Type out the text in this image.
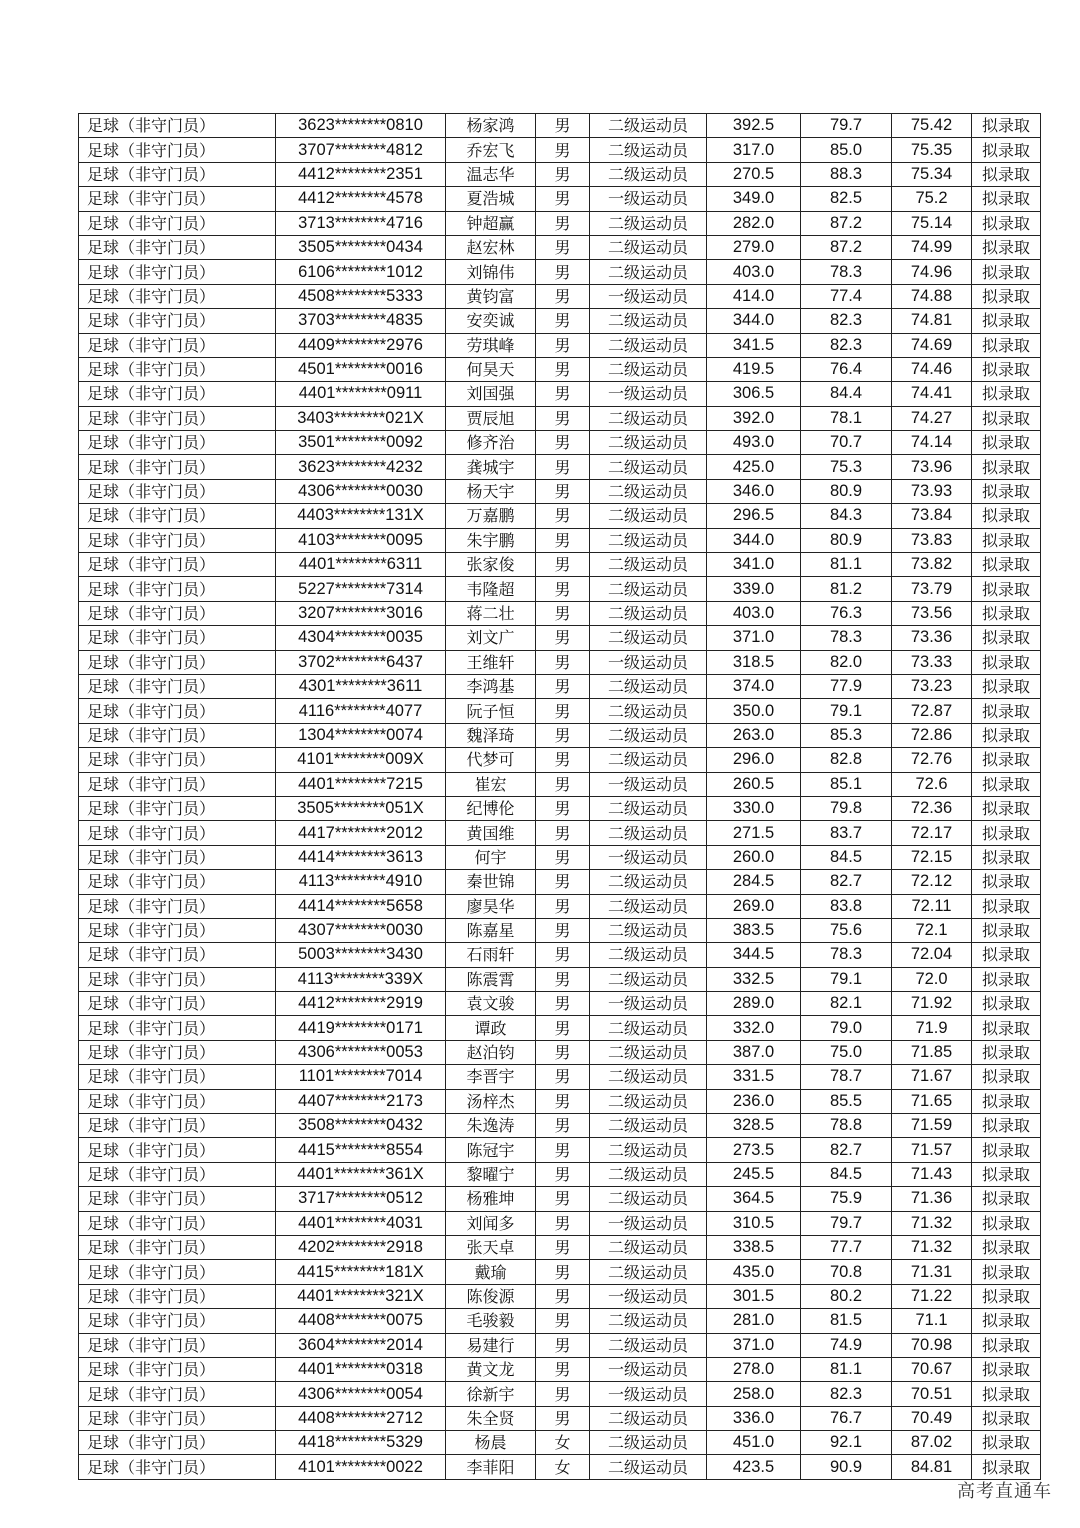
足球（非守门员）	3623********0810	杨家鸿	男	二级运动员	392.5	79.7	75.42	拟录取
足球（非守门员）	3707********4812	乔宏飞	男	二级运动员	317.0	85.0	75.35	拟录取
足球（非守门员）	4412********2351	温志华	男	二级运动员	270.5	88.3	75.34	拟录取
足球（非守门员）	4412********4578	夏浩城	男	一级运动员	349.0	82.5	75.2	拟录取
足球（非守门员）	3713********4716	钟超赢	男	二级运动员	282.0	87.2	75.14	拟录取
足球（非守门员）	3505********0434	赵宏林	男	二级运动员	279.0	87.2	74.99	拟录取
足球（非守门员）	6106********1012	刘锦伟	男	二级运动员	403.0	78.3	74.96	拟录取
足球（非守门员）	4508********5333	黄钧富	男	一级运动员	414.0	77.4	74.88	拟录取
足球（非守门员）	3703********4835	安奕诚	男	二级运动员	344.0	82.3	74.81	拟录取
足球（非守门员）	4409********2976	劳琪峰	男	二级运动员	341.5	82.3	74.69	拟录取
足球（非守门员）	4501********0016	何昊天	男	二级运动员	419.5	76.4	74.46	拟录取
足球（非守门员）	4401********0911	刘国强	男	一级运动员	306.5	84.4	74.41	拟录取
足球（非守门员）	3403********021X	贾辰旭	男	二级运动员	392.0	78.1	74.27	拟录取
足球（非守门员）	3501********0092	修齐治	男	二级运动员	493.0	70.7	74.14	拟录取
足球（非守门员）	3623********4232	龚城宇	男	二级运动员	425.0	75.3	73.96	拟录取
足球（非守门员）	4306********0030	杨天宇	男	二级运动员	346.0	80.9	73.93	拟录取
足球（非守门员）	4403********131X	万嘉鹏	男	二级运动员	296.5	84.3	73.84	拟录取
足球（非守门员）	4103********0095	朱宇鹏	男	二级运动员	344.0	80.9	73.83	拟录取
足球（非守门员）	4401********6311	张家俊	男	二级运动员	341.0	81.1	73.82	拟录取
足球（非守门员）	5227********7314	韦隆超	男	二级运动员	339.0	81.2	73.79	拟录取
足球（非守门员）	3207********3016	蒋二壮	男	二级运动员	403.0	76.3	73.56	拟录取
足球（非守门员）	4304********0035	刘文广	男	二级运动员	371.0	78.3	73.36	拟录取
足球（非守门员）	3702********6437	王维轩	男	一级运动员	318.5	82.0	73.33	拟录取
足球（非守门员）	4301********3611	李鸿基	男	二级运动员	374.0	77.9	73.23	拟录取
足球（非守门员）	4116********4077	阮子恒	男	二级运动员	350.0	79.1	72.87	拟录取
足球（非守门员）	1304********0074	魏泽琦	男	二级运动员	263.0	85.3	72.86	拟录取
足球（非守门员）	4101********009X	代梦可	男	二级运动员	296.0	82.8	72.76	拟录取
足球（非守门员）	4401********7215	崔宏	男	一级运动员	260.5	85.1	72.6	拟录取
足球（非守门员）	3505********051X	纪博伦	男	二级运动员	330.0	79.8	72.36	拟录取
足球（非守门员）	4417********2012	黄国维	男	二级运动员	271.5	83.7	72.17	拟录取
足球（非守门员）	4414********3613	何宇	男	一级运动员	260.0	84.5	72.15	拟录取
足球（非守门员）	4113********4910	秦世锦	男	二级运动员	284.5	82.7	72.12	拟录取
足球（非守门员）	4414********5658	廖昊华	男	二级运动员	269.0	83.8	72.11	拟录取
足球（非守门员）	4307********0030	陈嘉星	男	二级运动员	383.5	75.6	72.1	拟录取
足球（非守门员）	5003********3430	石雨轩	男	二级运动员	344.5	78.3	72.04	拟录取
足球（非守门员）	4113********339X	陈震霄	男	二级运动员	332.5	79.1	72.0	拟录取
足球（非守门员）	4412********2919	袁文骏	男	一级运动员	289.0	82.1	71.92	拟录取
足球（非守门员）	4419********0171	谭政	男	二级运动员	332.0	79.0	71.9	拟录取
足球（非守门员）	4306********0053	赵泊钧	男	二级运动员	387.0	75.0	71.85	拟录取
足球（非守门员）	1101********7014	李晋宇	男	二级运动员	331.5	78.7	71.67	拟录取
足球（非守门员）	4407********2173	汤梓杰	男	二级运动员	236.0	85.5	71.65	拟录取
足球（非守门员）	3508********0432	朱逸涛	男	二级运动员	328.5	78.8	71.59	拟录取
足球（非守门员）	4415********8554	陈冠宇	男	二级运动员	273.5	82.7	71.57	拟录取
足球（非守门员）	4401********361X	黎曜宁	男	二级运动员	245.5	84.5	71.43	拟录取
足球（非守门员）	3717********0512	杨雅坤	男	二级运动员	364.5	75.9	71.36	拟录取
足球（非守门员）	4401********4031	刘闻多	男	一级运动员	310.5	79.7	71.32	拟录取
足球（非守门员）	4202********2918	张天卓	男	二级运动员	338.5	77.7	71.32	拟录取
足球（非守门员）	4415********181X	戴瑜	男	二级运动员	435.0	70.8	71.31	拟录取
足球（非守门员）	4401********321X	陈俊源	男	一级运动员	301.5	80.2	71.22	拟录取
足球（非守门员）	4408********0075	毛骏毅	男	二级运动员	281.0	81.5	71.1	拟录取
足球（非守门员）	3604********2014	易建行	男	二级运动员	371.0	74.9	70.98	拟录取
足球（非守门员）	4401********0318	黄文龙	男	一级运动员	278.0	81.1	70.67	拟录取
足球（非守门员）	4306********0054	徐新宇	男	一级运动员	258.0	82.3	70.51	拟录取
足球（非守门员）	4408********2712	朱全贤	男	二级运动员	336.0	76.7	70.49	拟录取
足球（非守门员）	4418********5329	杨晨	女	二级运动员	451.0	92.1	87.02	拟录取
足球（非守门员）	4101********0022	李菲阳	女	二级运动员	423.5	90.9	84.81	拟录取
高考直通车
